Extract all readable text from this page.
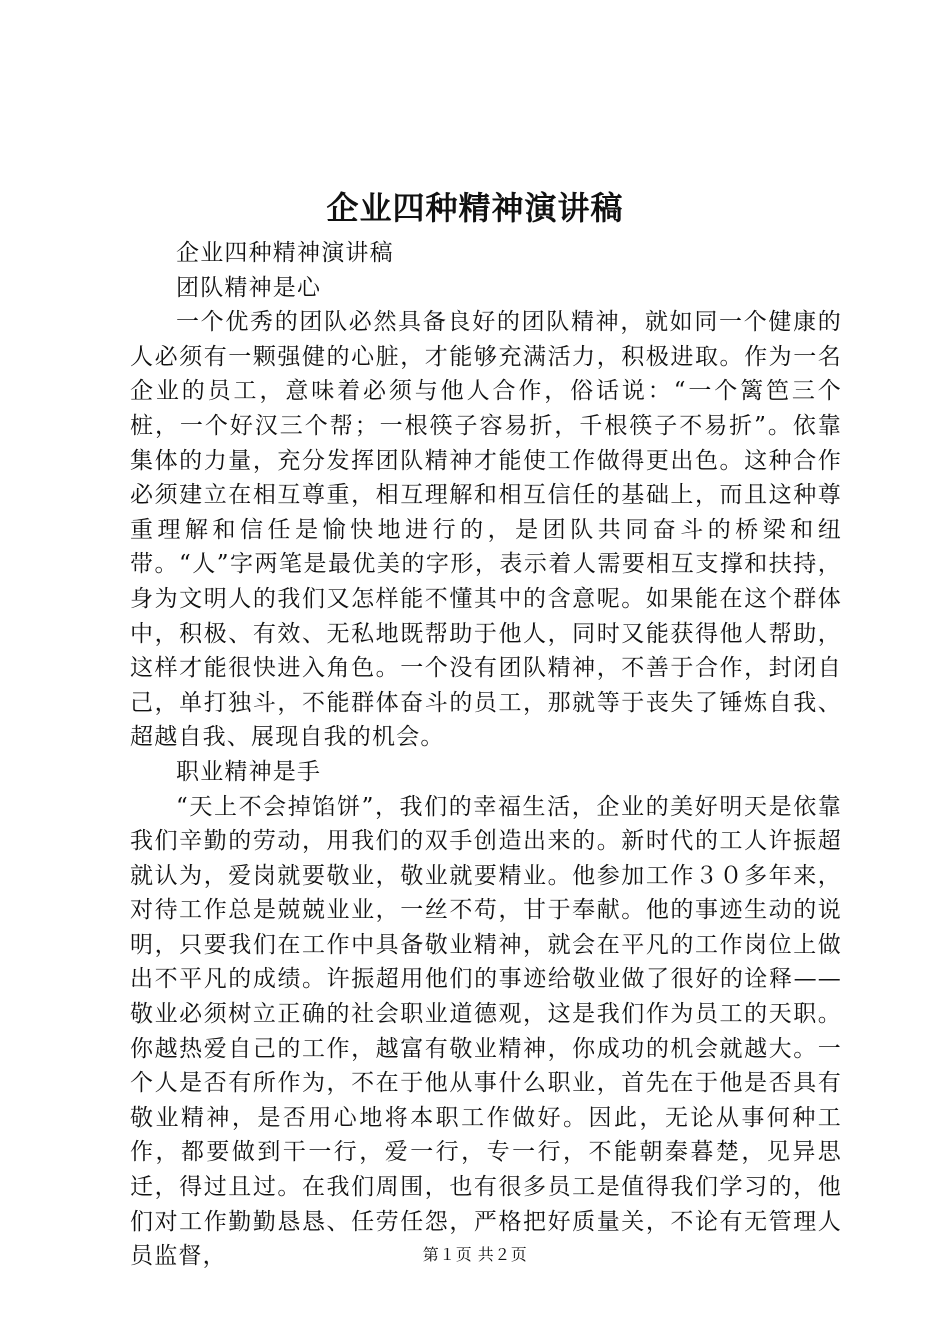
企业四种精神演讲稿

企业四种精神演讲稿

团队精神是心

一个优秀的团队必然具备良好的团队精神，就如同一个健康的人必须有一颗强健的心脏，才能够充满活力，积极进取。作为一名企业的员工，意味着必须与他人合作，俗话说：“一个篱笆三个桩，一个好汉三个帮；一根筷子容易折，千根筷子不易折”。依靠集体的力量，充分发挥团队精神才能使工作做得更出色。这种合作必须建立在相互尊重，相互理解和相互信任的基础上，而且这种尊重理解和信任是愉快地进行的，是团队共同奋斗的桥梁和纽带。“人”字两笔是最优美的字形，表示着人需要相互支撑和扶持，身为文明人的我们又怎样能不懂其中的含意呢。如果能在这个群体中，积极、有效、无私地既帮助于他人，同时又能获得他人帮助，这样才能很快进入角色。一个没有团队精神，不善于合作，封闭自己，单打独斗，不能群体奋斗的员工，那就等于丧失了锤炼自我、超越自我、展现自我的机会。

职业精神是手

“天上不会掉馅饼”，我们的幸福生活，企业的美好明天是依靠我们辛勤的劳动，用我们的双手创造出来的。新时代的工人许振超就认为，爱岗就要敬业，敬业就要精业。他参加工作３０多年来，对待工作总是兢兢业业，一丝不苟，甘于奉献。他的事迹生动的说明，只要我们在工作中具备敬业精神，就会在平凡的工作岗位上做出不平凡的成绩。许振超用他们的事迹给敬业做了很好的诠释——敬业必须树立正确的社会职业道德观，这是我们作为员工的天职。你越热爱自己的工作，越富有敬业精神，你成功的机会就越大。一个人是否有所作为，不在于他从事什么职业，首先在于他是否具有敬业精神，是否用心地将本职工作做好。因此，无论从事何种工作，都要做到干一行，爱一行，专一行，不能朝秦暮楚，见异思迁，得过且过。在我们周围，也有很多员工是值得我们学习的，他们对工作勤勤恳恳、任劳任怨，严格把好质量关，不论有无管理人员监督，	第１页 共２页
